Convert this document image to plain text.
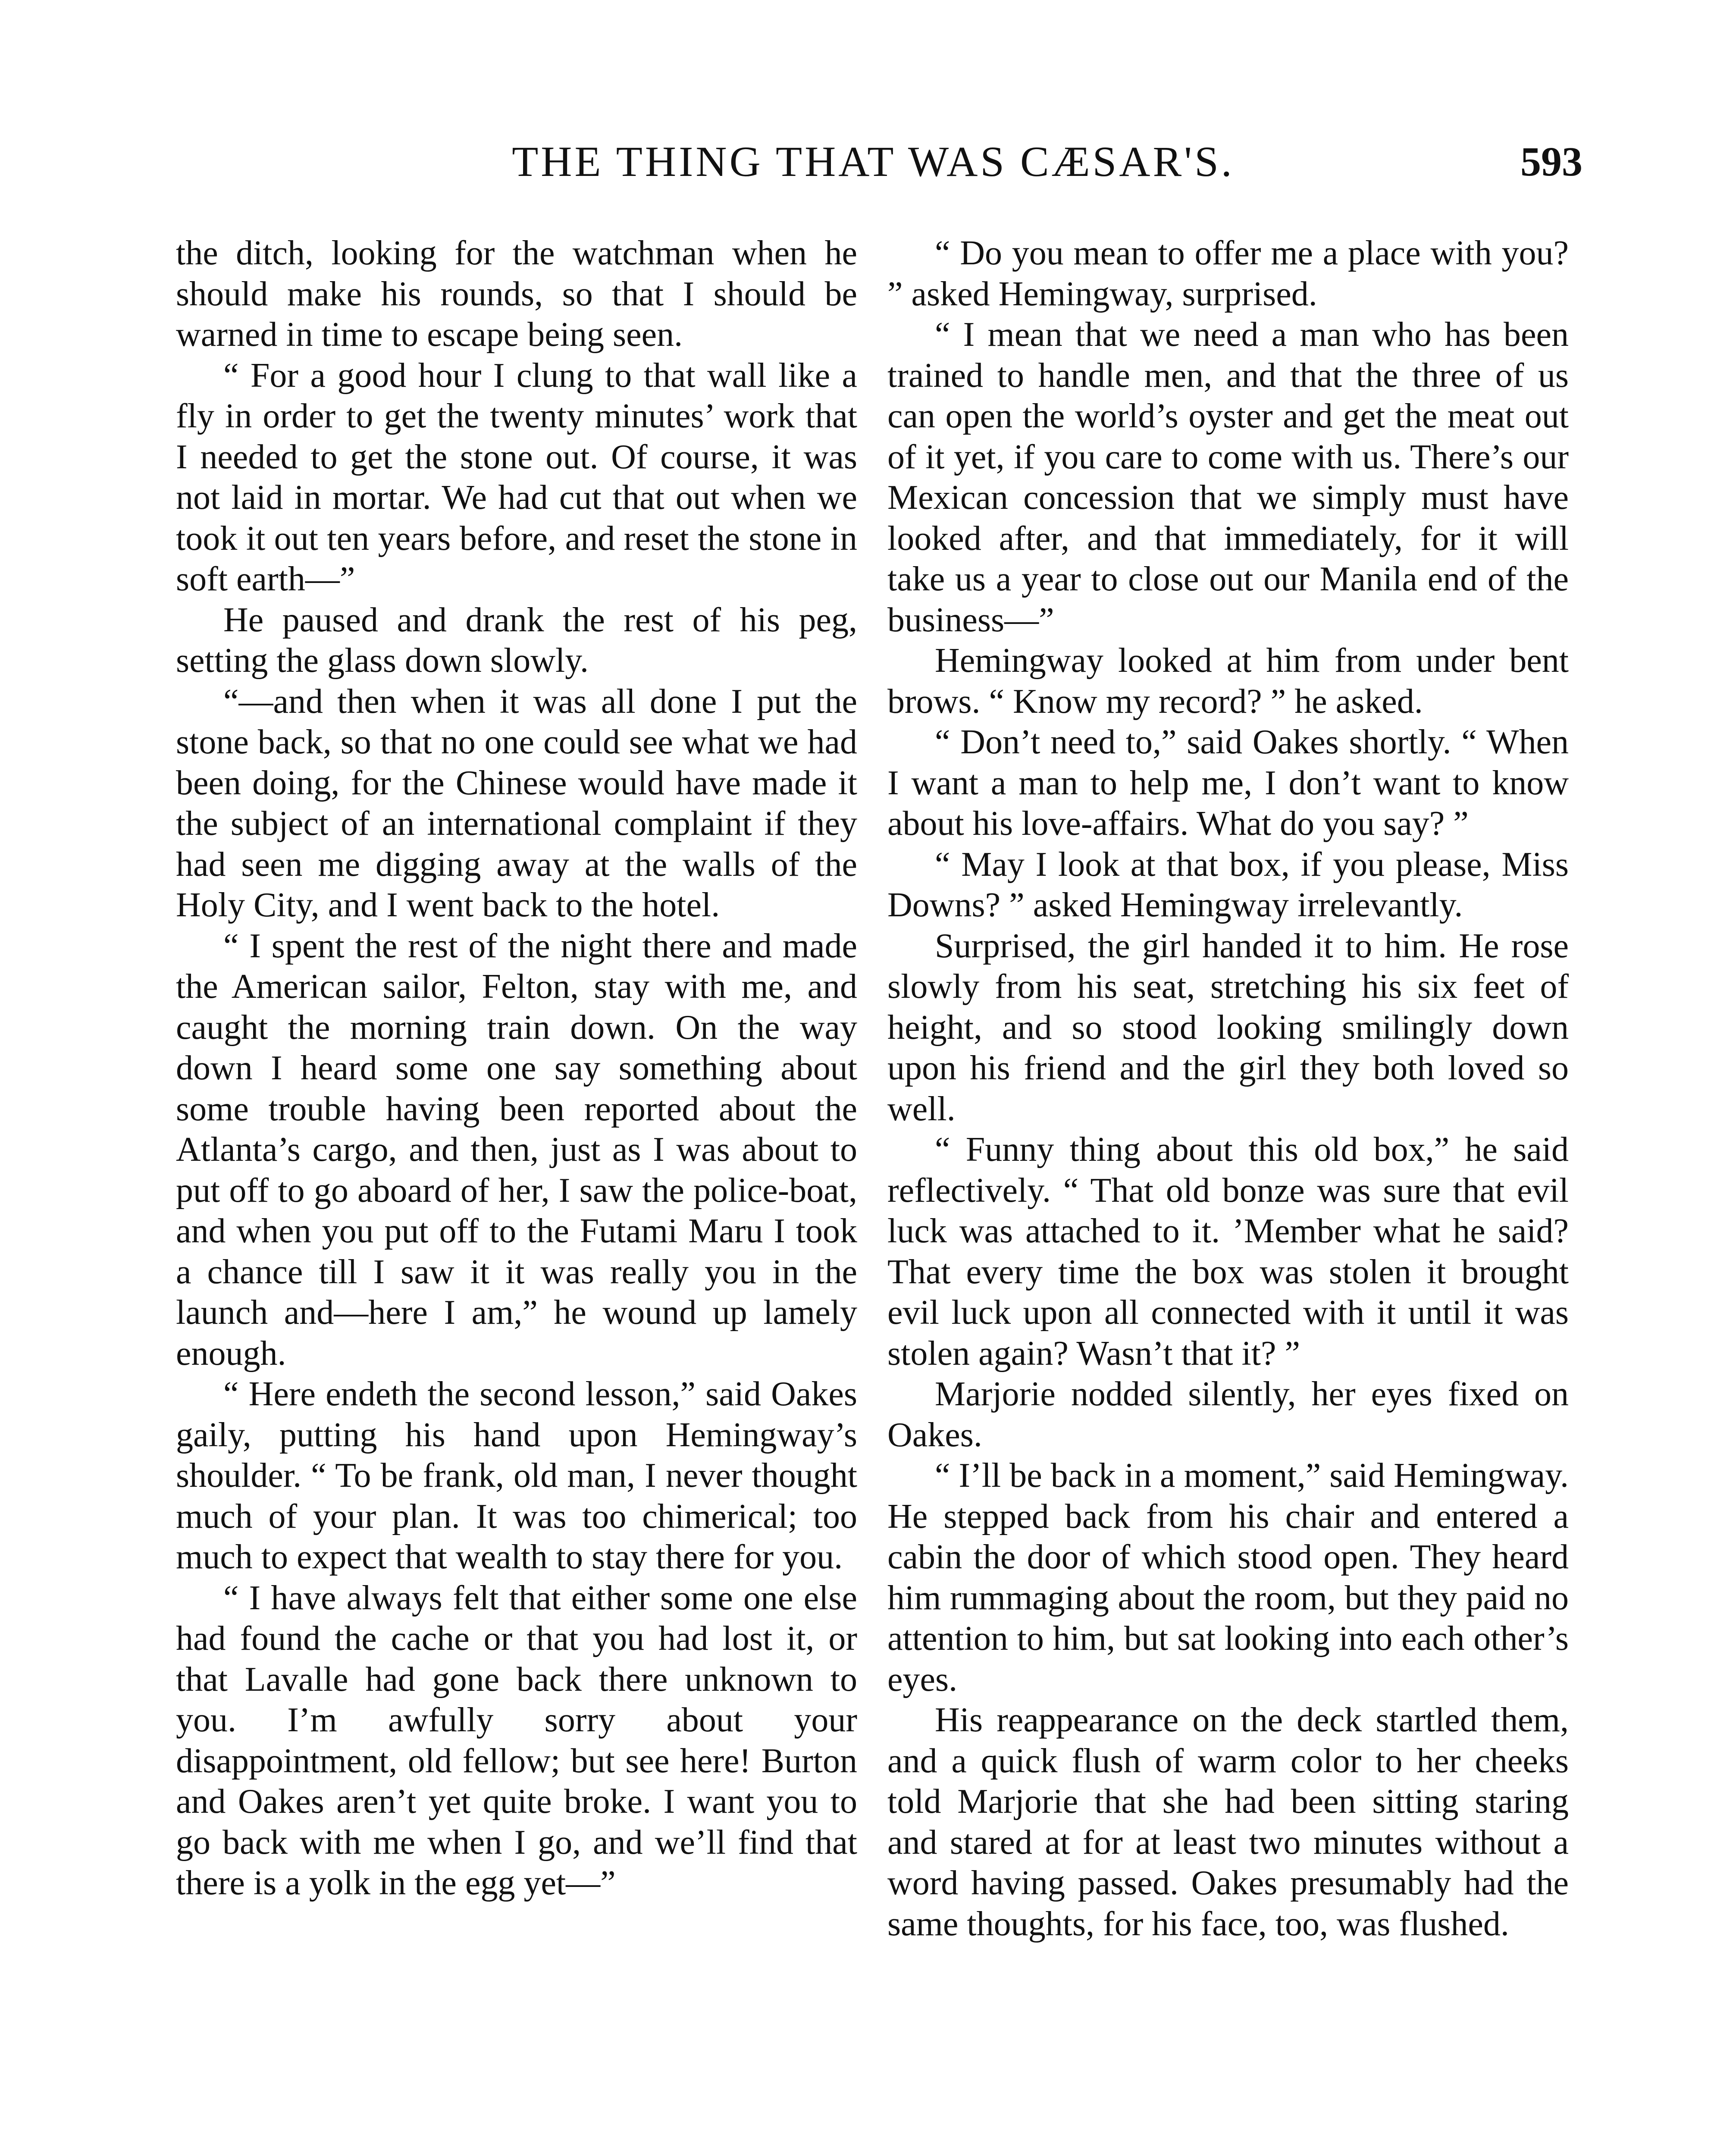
THE THING THAT WAS CÆSAR'S.	593

the ditch, looking for the watchman when he should make his rounds, so that I should be warned in time to escape being seen.

“ For a good hour I clung to that wall like a fly in order to get the twenty minutes’ work that I needed to get the stone out. Of course, it was not laid in mortar. We had cut that out when we took it out ten years before, and reset the stone in soft earth—”

He paused and drank the rest of his peg, setting the glass down slowly.

“—and then when it was all done I put the stone back, so that no one could see what we had been doing, for the Chinese would have made it the subject of an international complaint if they had seen me digging away at the walls of the Holy City, and I went back to the hotel.

“ I spent the rest of the night there and made the American sailor, Felton, stay with me, and caught the morning train down. On the way down I heard some one say something about some trouble having been reported about the Atlanta’s cargo, and then, just as I was about to put off to go aboard of her, I saw the police-boat, and when you put off to the Futami Maru I took a chance till I saw it it was really you in the launch and—here I am,” he wound up lamely enough.

“ Here endeth the second lesson,” said Oakes gaily, putting his hand upon Hemingway’s shoulder. “ To be frank, old man, I never thought much of your plan. It was too chimerical; too much to expect that wealth to stay there for you.

“ I have always felt that either some one else had found the cache or that you had lost it, or that Lavalle had gone back there unknown to you. I’m awfully sorry about your disappointment, old fellow; but see here! Burton and Oakes aren’t yet quite broke. I want you to go back with me when I go, and we’ll find that there is a yolk in the egg yet—”

“ Do you mean to offer me a place with you? ” asked Hemingway, surprised.

“ I mean that we need a man who has been trained to handle men, and that the three of us can open the world’s oyster and get the meat out of it yet, if you care to come with us. There’s our Mexican concession that we simply must have looked after, and that immediately, for it will take us a year to close out our Manila end of the business—”

Hemingway looked at him from under bent brows. “ Know my record? ” he asked.

“ Don’t need to,” said Oakes shortly. “ When I want a man to help me, I don’t want to know about his love-affairs. What do you say? ”

“ May I look at that box, if you please, Miss Downs? ” asked Hemingway irrelevantly.

Surprised, the girl handed it to him. He rose slowly from his seat, stretching his six feet of height, and so stood looking smilingly down upon his friend and the girl they both loved so well.

“ Funny thing about this old box,” he said reflectively. “ That old bonze was sure that evil luck was attached to it. ’Member what he said? That every time the box was stolen it brought evil luck upon all connected with it until it was stolen again? Wasn’t that it? ”

Marjorie nodded silently, her eyes fixed on Oakes.

“ I’ll be back in a moment,” said Hemingway. He stepped back from his chair and entered a cabin the door of which stood open. They heard him rummaging about the room, but they paid no attention to him, but sat looking into each other’s eyes.

His reappearance on the deck startled them, and a quick flush of warm color to her cheeks told Marjorie that she had been sitting staring and stared at for at least two minutes without a word having passed. Oakes presumably had the same thoughts, for his face, too, was flushed.
